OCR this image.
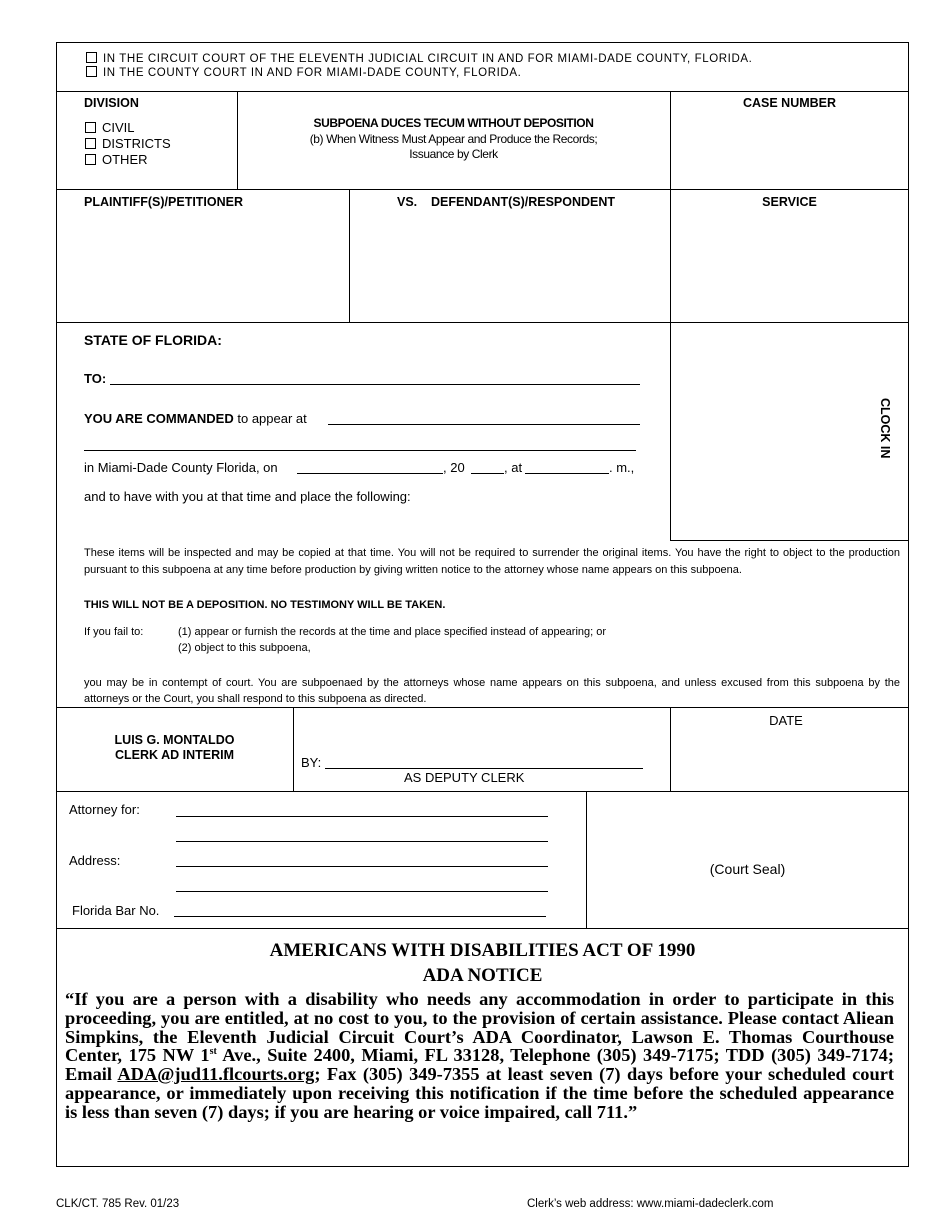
IN THE CIRCUIT COURT OF THE ELEVENTH JUDICIAL CIRCUIT IN AND FOR MIAMI-DADE COUNTY, FLORIDA.
IN THE COUNTY COURT IN AND FOR MIAMI-DADE COUNTY, FLORIDA.
DIVISION
CIVIL
DISTRICTS
OTHER
SUBPOENA DUCES TECUM WITHOUT DEPOSITION
(b) When Witness Must Appear and Produce the Records;
Issuance by Clerk
CASE NUMBER
PLAINTIFF(S)/PETITIONER	VS. DEFENDANT(S)/RESPONDENT	SERVICE
STATE OF FLORIDA:
TO:
YOU ARE COMMANDED to appear at
in Miami-Dade County Florida, on	, 20	, at	. m.,
and to have with you at that time and place the following:
CLOCK IN
These items will be inspected and may be copied at that time. You will not be required to surrender the original items. You have the right to object to the production pursuant to this subpoena at any time before production by giving written notice to the attorney whose name appears on this subpoena.
THIS WILL NOT BE A DEPOSITION. NO TESTIMONY WILL BE TAKEN.
If you fail to:	(1) appear or furnish the records at the time and place specified instead of appearing; or
(2) object to this subpoena,
you may be in contempt of court. You are subpoenaed by the attorneys whose name appears on this subpoena, and unless excused from this subpoena by the attorneys or the Court, you shall respond to this subpoena as directed.
LUIS G. MONTALDO
CLERK AD INTERIM	BY:
AS DEPUTY CLERK
DATE
Attorney for:
Address:
Florida Bar No.
(Court Seal)
AMERICANS WITH DISABILITIES ACT OF 1990
ADA NOTICE
“If you are a person with a disability who needs any accommodation in order to participate in this proceeding, you are entitled, at no cost to you, to the provision of certain assistance. Please contact Aliean Simpkins, the Eleventh Judicial Circuit Court’s ADA Coordinator, Lawson E. Thomas Courthouse Center, 175 NW 1st Ave., Suite 2400, Miami, FL 33128, Telephone (305) 349-7175; TDD (305) 349-7174; Email ADA@jud11.flcourts.org; Fax (305) 349-7355 at least seven (7) days before your scheduled court appearance, or immediately upon receiving this notification if the time before the scheduled appearance is less than seven (7) days; if you are hearing or voice impaired, call 711.”
CLK/CT. 785 Rev. 01/23	Clerk’s web address: www.miami-dadeclerk.com
